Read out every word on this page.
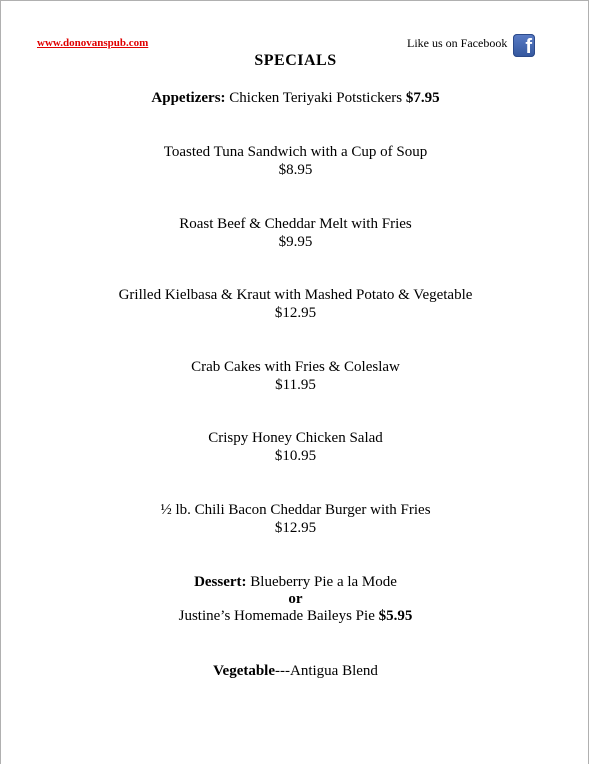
www.donovanspub.com	Like us on Facebook f
SPECIALS
Appetizers: Chicken Teriyaki Potstickers $7.95
Toasted Tuna Sandwich with a Cup of Soup
$8.95
Roast Beef & Cheddar Melt with Fries
$9.95
Grilled Kielbasa & Kraut with Mashed Potato & Vegetable
$12.95
Crab Cakes with Fries & Coleslaw
$11.95
Crispy Honey Chicken Salad
$10.95
½ lb. Chili Bacon Cheddar Burger with Fries
$12.95
Dessert: Blueberry Pie a la Mode
or
Justine’s Homemade Baileys Pie $5.95
Vegetable---Antigua Blend
